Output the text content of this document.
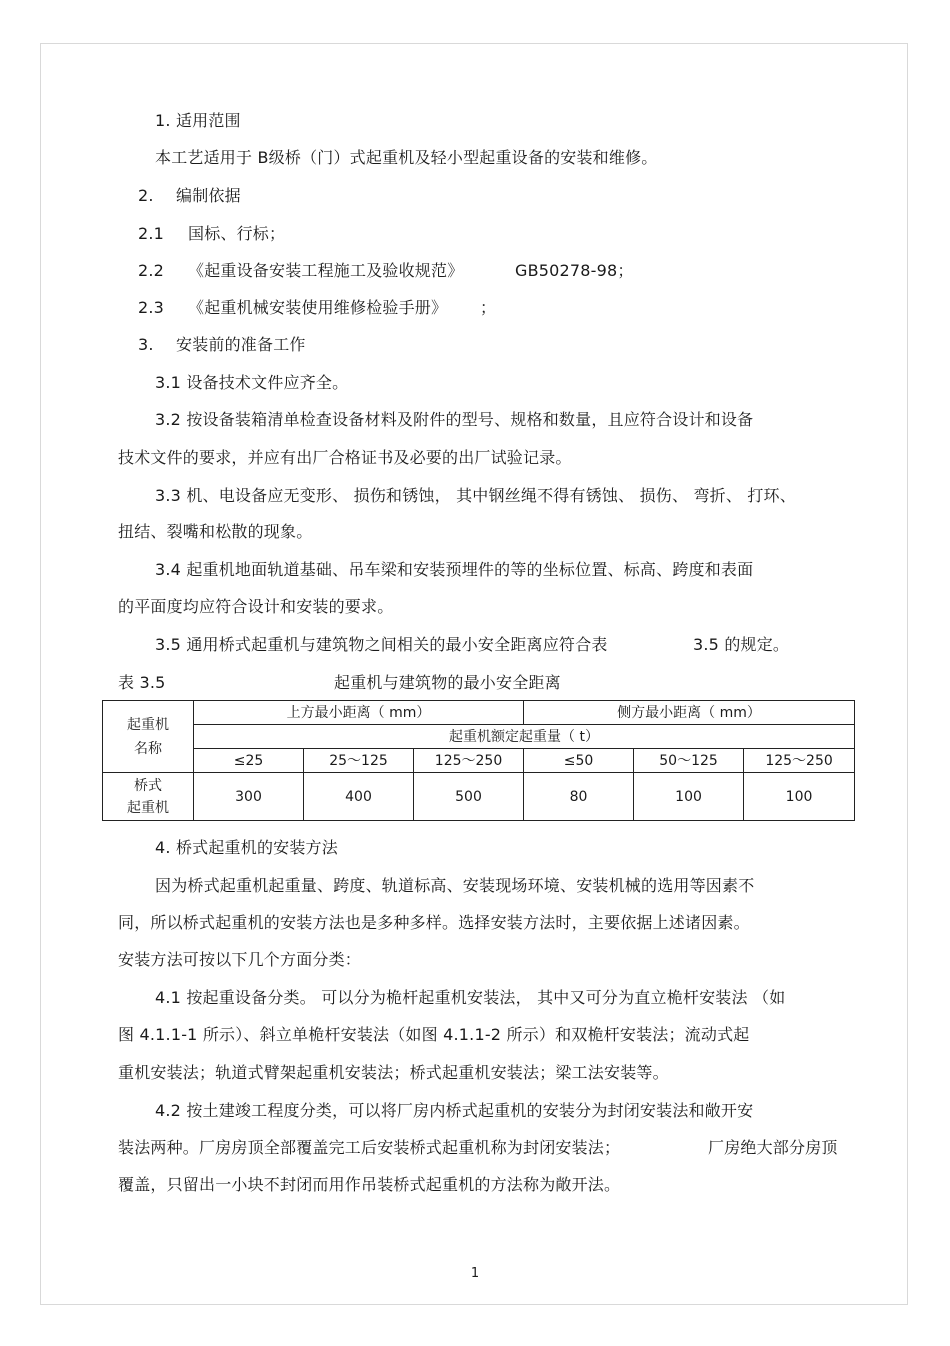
1. 适用范围
本工艺适用于 B级桥（门）式起重机及轻小型起重设备的安装和维修。
2. 编制依据
2.1 国标、行标；
2.2 《起重设备安装工程施工及验收规范》	GB50278-98；
2.3 《起重机械安装使用维修检验手册》 ；
3. 安装前的准备工作
3.1 设备技术文件应齐全。
3.2 按设备装箱清单检查设备材料及附件的型号、规格和数量，且应符合设计和设备
技术文件的要求，并应有出厂合格证书及必要的出厂试验记录。
3.3 机、电设备应无变形、 损伤和锈蚀， 其中钢丝绳不得有锈蚀、 损伤、 弯折、 打环、
扭结、裂嘴和松散的现象。
3.4 起重机地面轨道基础、吊车梁和安装预埋件的等的坐标位置、标高、跨度和表面
的平面度均应符合设计和安装的要求。
3.5 通用桥式起重机与建筑物之间相关的最小安全距离应符合表	3.5 的规定。
表 3.5	起重机与建筑物的最小安全距离
起重机
名称	上方最小距离（ mm）			侧方最小距离（ mm）		
	起重机额定起重量（ t）					
	≤25	25～125	125～250	≤50	50～125	125～250
桥式
起重机	300	400	500	80	100	100
4. 桥式起重机的安装方法
因为桥式起重机起重量、跨度、轨道标高、安装现场环境、安装机械的选用等因素不
同，所以桥式起重机的安装方法也是多种多样。选择安装方法时，主要依据上述诸因素。
安装方法可按以下几个方面分类：
4.1 按起重设备分类。 可以分为桅杆起重机安装法， 其中又可分为直立桅杆安装法 （如
图 4.1.1-1 所示）、斜立单桅杆安装法（如图 4.1.1-2 所示）和双桅杆安装法；流动式起
重机安装法；轨道式臂架起重机安装法；桥式起重机安装法；梁工法安装等。
4.2 按土建竣工程度分类，可以将厂房内桥式起重机的安装分为封闭安装法和敞开安
装法两种。厂房房顶全部覆盖完工后安装桥式起重机称为封闭安装法；	厂房绝大部分房顶
覆盖，只留出一小块不封闭而用作吊装桥式起重机的方法称为敞开法。
1
